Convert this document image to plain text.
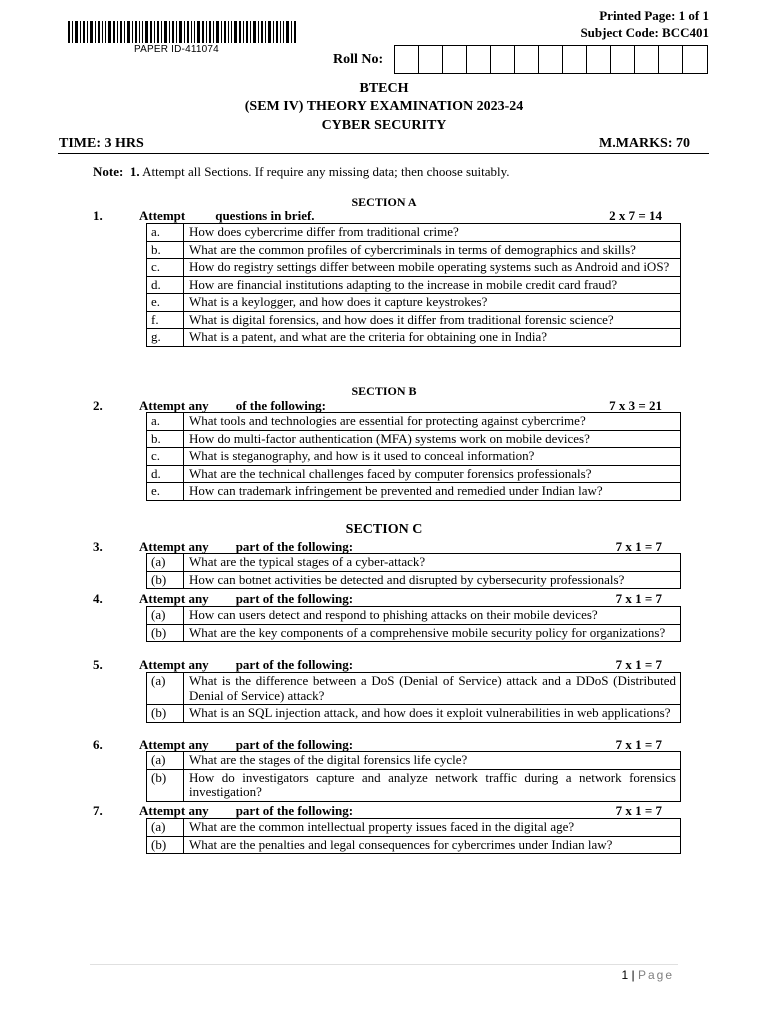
PAPER ID-411074
Printed Page: 1 of 1
Subject Code: BCC401
Roll No:
BTECH
(SEM IV) THEORY EXAMINATION 2023-24
CYBER SECURITY
TIME: 3 HRS	M.MARKS: 70
Note: 1. Attempt all Sections. If require any missing data; then choose suitably.
SECTION A
1.	Attempt questions in brief.	2 x 7 = 14
a.	How does cybercrime differ from traditional crime?
b.	What are the common profiles of cybercriminals in terms of demographics and skills?
c.	How do registry settings differ between mobile operating systems such as Android and iOS?
d.	How are financial institutions adapting to the increase in mobile credit card fraud?
e.	What is a keylogger, and how does it capture keystrokes?
f.	What is digital forensics, and how does it differ from traditional forensic science?
g.	What is a patent, and what are the criteria for obtaining one in India?
SECTION B
2.	Attempt any of the following:	7 x 3 = 21
a.	What tools and technologies are essential for protecting against cybercrime?
b.	How do multi-factor authentication (MFA) systems work on mobile devices?
c.	What is steganography, and how is it used to conceal information?
d.	What are the technical challenges faced by computer forensics professionals?
e.	How can trademark infringement be prevented and remedied under Indian law?
SECTION C
3.	Attempt any part of the following:	7 x 1 = 7
(a)	What are the typical stages of a cyber-attack?
(b)	How can botnet activities be detected and disrupted by cybersecurity professionals?
4.	Attempt any part of the following:	7 x 1 = 7
(a)	How can users detect and respond to phishing attacks on their mobile devices?
(b)	What are the key components of a comprehensive mobile security policy for organizations?
5.	Attempt any part of the following:	7 x 1 = 7
(a)	What is the difference between a DoS (Denial of Service) attack and a DDoS (Distributed Denial of Service) attack?
(b)	What is an SQL injection attack, and how does it exploit vulnerabilities in web applications?
6.	Attempt any part of the following:	7 x 1 = 7
(a)	What are the stages of the digital forensics life cycle?
(b)	How do investigators capture and analyze network traffic during a network forensics investigation?
7.	Attempt any part of the following:	7 x 1 = 7
(a)	What are the common intellectual property issues faced in the digital age?
(b)	What are the penalties and legal consequences for cybercrimes under Indian law?
1 | Page
